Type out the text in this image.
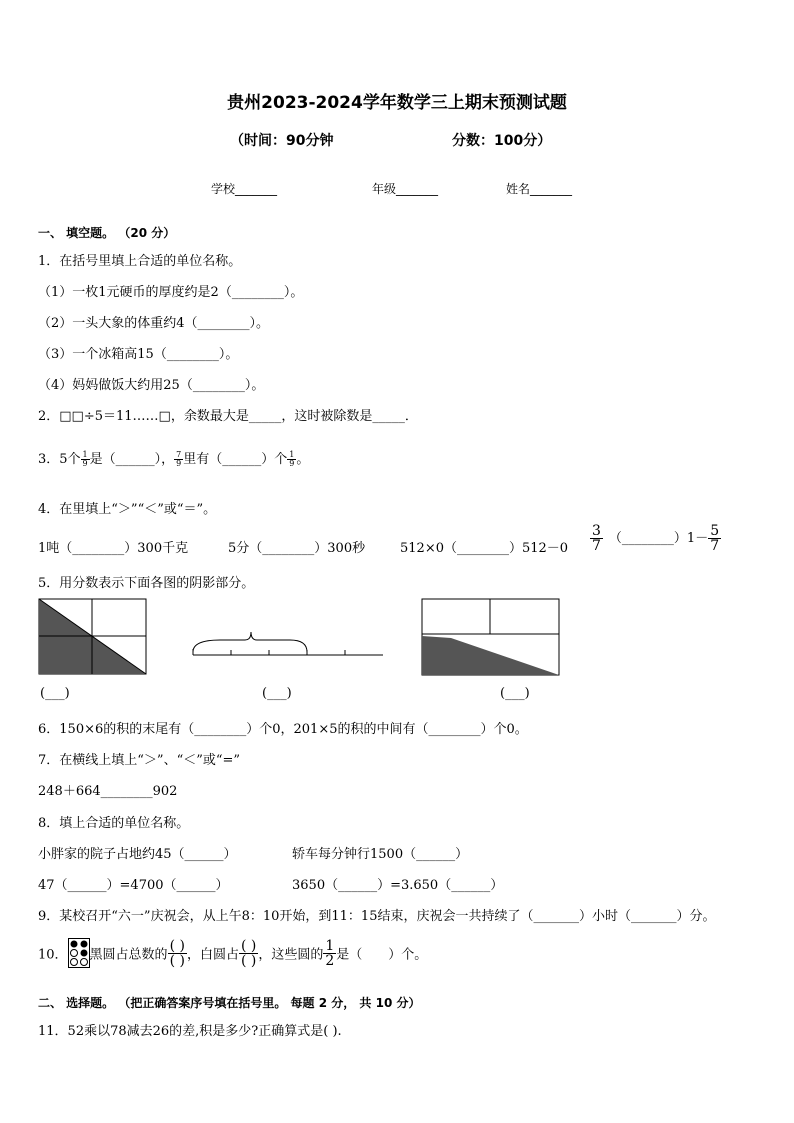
贵州2023-2024学年数学三上期末预测试题
（时间：90分钟	分数：100分）
学校_______	年级_______	姓名_______
一、 填空题。 （20 分）
1．在括号里填上合适的单位名称。
（1）一枚1元硬币的厚度约是2（________）。
（2）一头大象的体重约4（________）。
（3）一个冰箱高15（________）。
（4）妈妈做饭大约用25（________）。
2．□□÷5＝11……□，余数最大是_____，这时被除数是_____．
3．5个 $\frac{1}{9}$ 是（______）， $\frac{7}{9}$ 里有（______）个 $\frac{1}{9}$ 。
4．在里填上“＞”“＜”或“＝”。
1吨（________）300千克	5分（________）300秒	512×0（________）512－0 $\frac{3}{7}$ （________）1－ $\frac{5}{7}$
5．用分数表示下面各图的阴影部分。
(___)	(___)	(___)
6．150×6的积的末尾有（________）个0，201×5的积的中间有（________）个0。
7．在横线上填上“＞”、“＜”或“=”
248＋664________902
8．填上合适的单位名称。
小胖家的院子占地约45（______）	轿车每分钟行1500（______）
47（______）=4700（______）	3650（______）=3.650（______）
9．某校召开“六一”庆祝会，从上午8：10开始，到11：15结束，庆祝会一共持续了（_______）小时（_______）分。
10． 黑圆占总数的 $\frac{( )}{( )}$ ，白圆占 $\frac{( )}{( )}$ ，这些圆的 $\frac{1}{2}$ 是（　　）个。
二、 选择题。 （把正确答案序号填在括号里。 每题 2 分， 共 10 分）
11．52乘以78减去26的差,积是多少?正确算式是( ).
